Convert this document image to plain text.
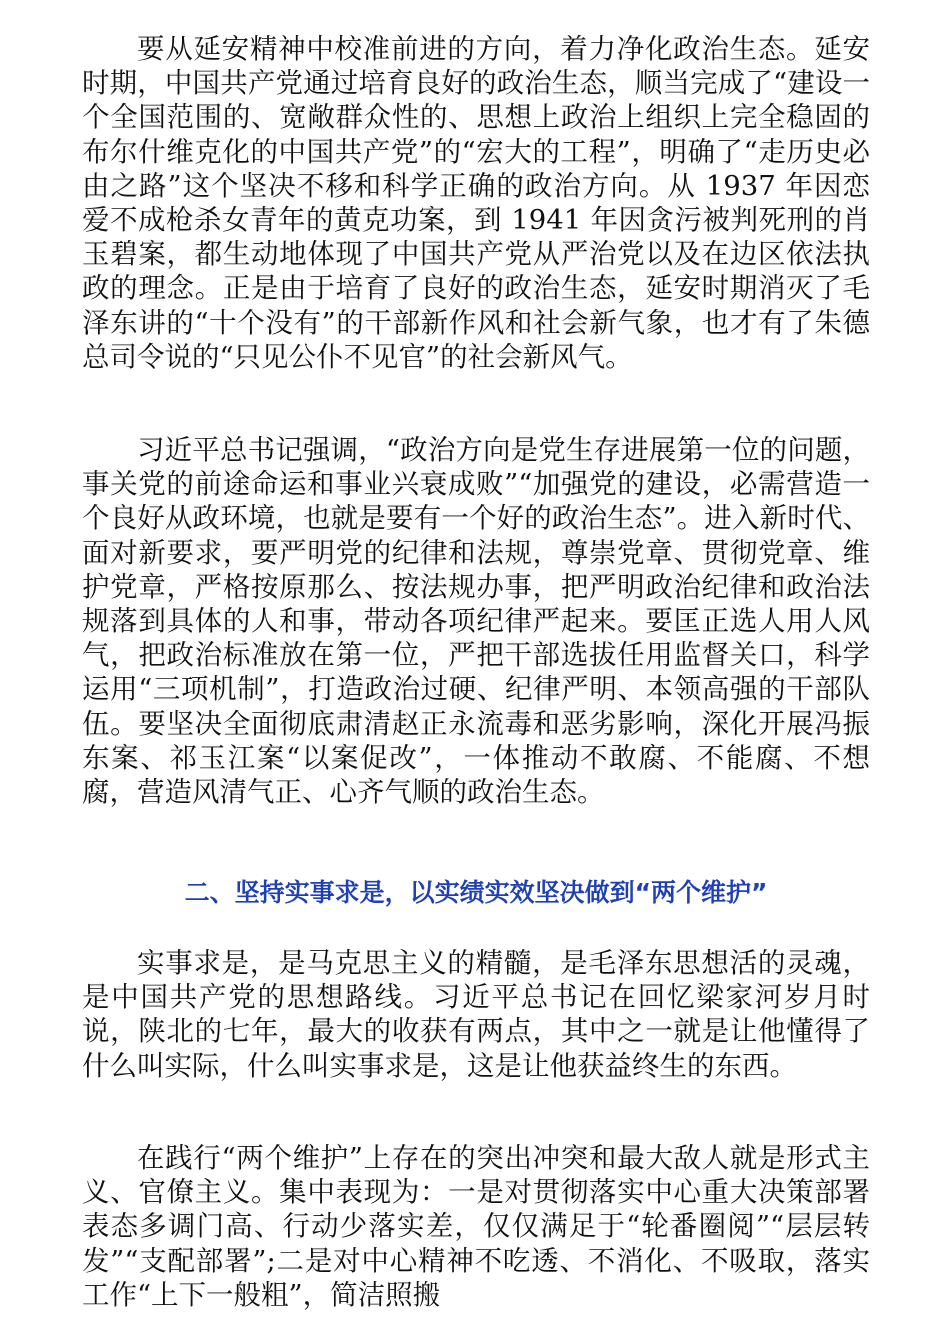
要从延安精神中校准前进的方向，着力净化政治生态。延安时期，中国共产党通过培育良好的政治生态，顺当完成了“建设一个全国范围的、宽敞群众性的、思想上政治上组织上完全稳固的布尔什维克化的中国共产党”的“宏大的工程”，明确了“走历史必由之路”这个坚决不移和科学正确的政治方向。从 1937 年因恋爱不成枪杀女青年的黄克功案，到 1941 年因贪污被判死刑的肖玉碧案，都生动地体现了中国共产党从严治党以及在边区依法执政的理念。正是由于培育了良好的政治生态，延安时期消灭了毛泽东讲的“十个没有”的干部新作风和社会新气象，也才有了朱德总司令说的“只见公仆不见官”的社会新风气。

习近平总书记强调，“政治方向是党生存进展第一位的问题，事关党的前途命运和事业兴衰成败”“加强党的建设，必需营造一个良好从政环境，也就是要有一个好的政治生态”。进入新时代、面对新要求，要严明党的纪律和法规，尊崇党章、贯彻党章、维护党章，严格按原那么、按法规办事，把严明政治纪律和政治法规落到具体的人和事，带动各项纪律严起来。要匡正选人用人风气，把政治标准放在第一位，严把干部选拔任用监督关口，科学运用“三项机制”，打造政治过硬、纪律严明、本领高强的干部队伍。要坚决全面彻底肃清赵正永流毒和恶劣影响，深化开展冯振东案、祁玉江案“以案促改”，一体推动不敢腐、不能腐、不想腐，营造风清气正、心齐气顺的政治生态。

二、坚持实事求是，以实绩实效坚决做到“两个维护”

实事求是，是马克思主义的精髓，是毛泽东思想活的灵魂，是中国共产党的思想路线。习近平总书记在回忆梁家河岁月时说，陕北的七年，最大的收获有两点，其中之一就是让他懂得了什么叫实际，什么叫实事求是，这是让他获益终生的东西。

在践行“两个维护”上存在的突出冲突和最大敌人就是形式主义、官僚主义。集中表现为：一是对贯彻落实中心重大决策部署表态多调门高、行动少落实差，仅仅满足于“轮番圈阅”“层层转发”“支配部署”;二是对中心精神不吃透、不消化、不吸取，落实工作“上下一般粗”，简洁照搬
